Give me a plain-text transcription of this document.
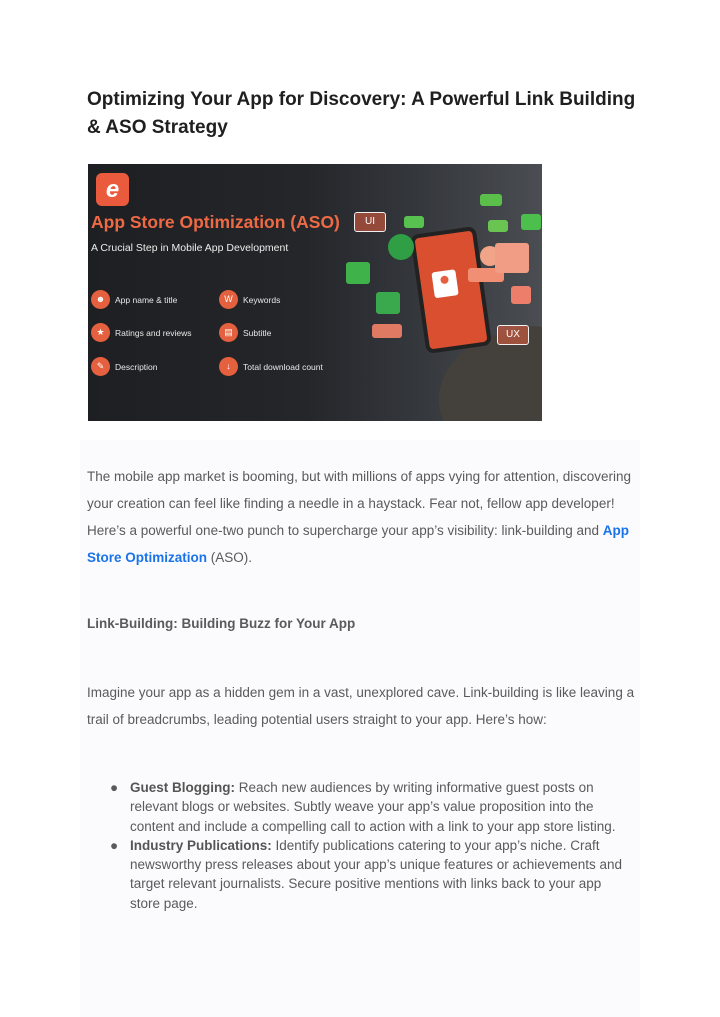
Optimizing Your App for Discovery: A Powerful Link Building & ASO Strategy
e
App Store Optimization (ASO)
A Crucial Step in Mobile App Development
☻	App name & title	W	Keywords
★	Ratings and reviews	▤	Subtitle
✎	Description	↓	Total download count
UI
UX

The mobile app market is booming, but with millions of apps vying for attention, discovering your creation can feel like finding a needle in a haystack. Fear not, fellow app developer! Here’s a powerful one-two punch to supercharge your app’s visibility: link-building and App Store Optimization (ASO).

Link-Building: Building Buzz for Your App

Imagine your app as a hidden gem in a vast, unexplored cave. Link-building is like leaving a trail of breadcrumbs, leading potential users straight to your app. Here’s how:

● Guest Blogging: Reach new audiences by writing informative guest posts on relevant blogs or websites. Subtly weave your app’s value proposition into the content and include a compelling call to action with a link to your app store listing.
● Industry Publications: Identify publications catering to your app’s niche. Craft newsworthy press releases about your app’s unique features or achievements and target relevant journalists. Secure positive mentions with links back to your app store page.
